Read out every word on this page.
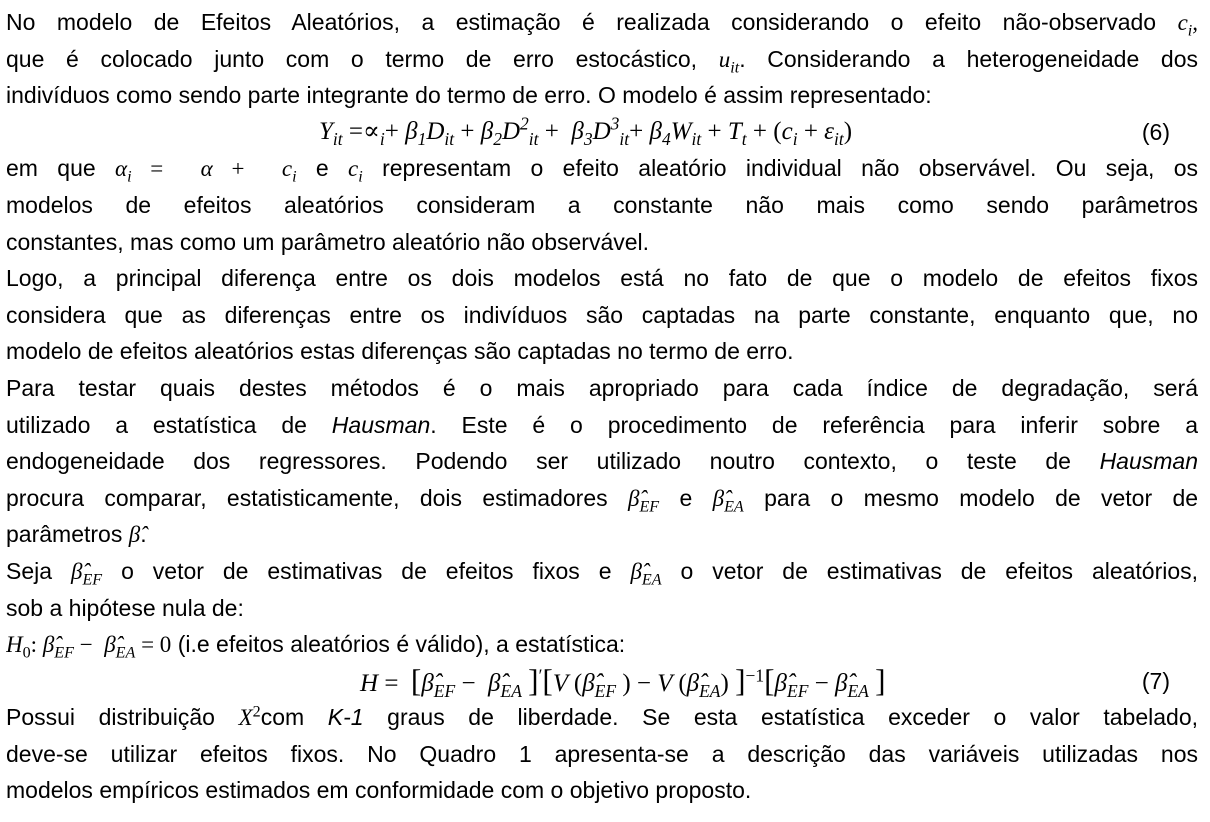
No modelo de Efeitos Aleatórios, a estimação é realizada considerando o efeito não-observado $c_i$,
que é colocado junto com o termo de erro estocástico, $u_{it}$. Considerando a heterogeneidade dos
indivíduos como sendo parte integrante do termo de erro. O modelo é assim representado:
$Y_{it} =\propto_i+ \beta_1D_{it} + \beta_2D^2_{it} + \beta_3D^3_{it}+ \beta_4W_{it} + T_t + (c_i + \varepsilon_{it})$	(6)
em que $\alpha_i = \alpha + c_i$ e $c_i$ representam o efeito aleatório individual não observável. Ou seja, os
modelos de efeitos aleatórios consideram a constante não mais como sendo parâmetros
constantes, mas como um parâmetro aleatório não observável.
Logo, a principal diferença entre os dois modelos está no fato de que o modelo de efeitos fixos
considera que as diferenças entre os indivíduos são captadas na parte constante, enquanto que, no
modelo de efeitos aleatórios estas diferenças são captadas no termo de erro.
Para testar quais destes métodos é o mais apropriado para cada índice de degradação, será
utilizado a estatística de Hausman. Este é o procedimento de referência para inferir sobre a
endogeneidade dos regressores. Podendo ser utilizado noutro contexto, o teste de Hausman
procura comparar, estatisticamente, dois estimadores $\betâ_{EF}$ e $\betâ_{EA}$ para o mesmo modelo de vetor de
parâmetros β̂.
Seja $\betâ_{EF}$ o vetor de estimativas de efeitos fixos e $\betâ_{EA}$ o vetor de estimativas de efeitos aleatórios,
sob a hipótese nula de:
$H_0$: $\betâ_{EF}$ −  $\betâ_{EA} = 0$ (i.e efeitos aleatórios é válido), a estatística:
$H = [\betâ_{EF}$ −  $\betâ_{EA}$ ]′[V ($\betâ_{EF}$ ) − V $(\betâ_{EA})$ ]$^{-1}[\betâ_{EF}$ − $\betâ_{EA}$ ]	(7)
Possui distribuição $X^2com$ K-1 graus de liberdade. Se esta estatística exceder o valor tabelado,
deve-se utilizar efeitos fixos. No Quadro 1 apresenta-se a descrição das variáveis utilizadas nos
modelos empíricos estimados em conformidade com o objetivo proposto.
